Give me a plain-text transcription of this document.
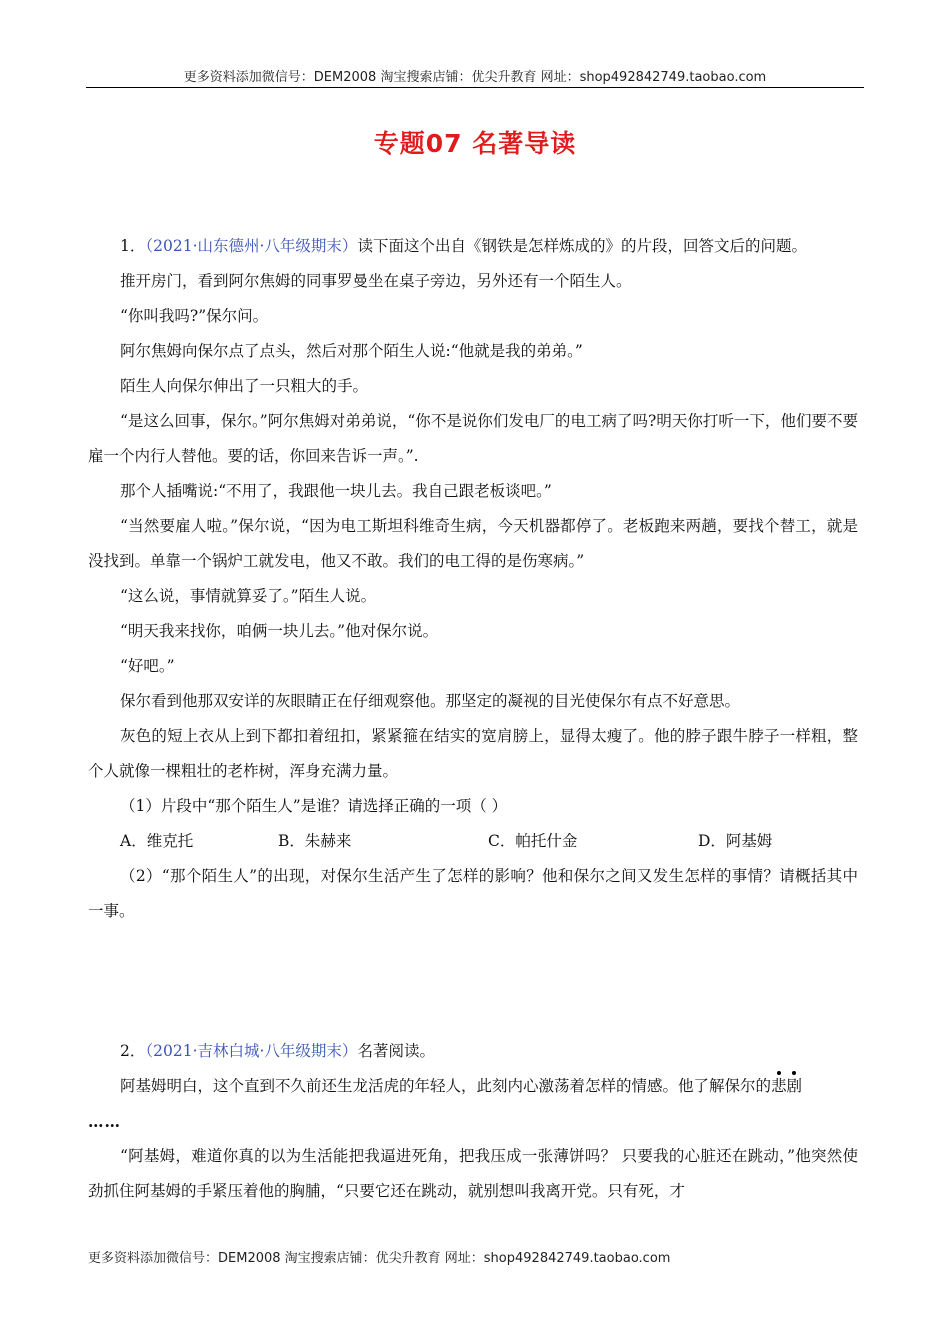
更多资料添加微信号：DEM2008 淘宝搜索店铺：优尖升教育 网址：shop492842749.taobao.com
专题07 名著导读

1．（2021·山东德州·八年级期末）读下面这个出自《钢铁是怎样炼成的》的片段，回答文后的问题。

推开房门，看到阿尔焦姆的同事罗曼坐在桌子旁边，另外还有一个陌生人。

“你叫我吗?”保尔问。

阿尔焦姆向保尔点了点头，然后对那个陌生人说:“他就是我的弟弟。”

陌生人向保尔伸出了一只粗大的手。

“是这么回事，保尔。”阿尔焦姆对弟弟说，“你不是说你们发电厂的电工病了吗?明天你打听一下，他们要不要雇一个内行人替他。要的话，你回来告诉一声。”.

那个人插嘴说:“不用了，我跟他一块儿去。我自己跟老板谈吧。”

“当然要雇人啦。”保尔说，“因为电工斯坦科维奇生病，今天机器都停了。老板跑来两趟，要找个替工，就是没找到。单靠一个锅炉工就发电，他又不敢。我们的电工得的是伤寒病。”

“这么说，事情就算妥了。”陌生人说。

“明天我来找你，咱俩一块儿去。”他对保尔说。

“好吧。”

保尔看到他那双安详的灰眼睛正在仔细观察他。那坚定的凝视的目光使保尔有点不好意思。

灰色的短上衣从上到下都扣着纽扣，紧紧箍在结实的宽肩膀上，显得太瘦了。他的脖子跟牛脖子一样粗，整个人就像一棵粗壮的老柞树，浑身充满力量。

（1）片段中“那个陌生人”是谁？请选择正确的一项（ ）

A．维克托	B．朱赫来	C．帕托什金	D．阿基姆

（2）“那个陌生人”的出现，对保尔生活产生了怎样的影响？他和保尔之间又发生怎样的事情？请概括其中一事。

2．（2021·吉林白城·八年级期末）名著阅读。

阿基姆明白，这个直到不久前还生龙活虎的年轻人，此刻内心激荡着怎样的情感。他了解保尔的悲剧

……

“阿基姆，难道你真的以为生活能把我逼进死角，把我压成一张薄饼吗？ 只要我的心脏还在跳动，”他突然使劲抓住阿基姆的手紧压着他的胸脯，“只要它还在跳动，就别想叫我离开党。只有死，才

更多资料添加微信号：DEM2008 淘宝搜索店铺：优尖升教育 网址：shop492842749.taobao.com
